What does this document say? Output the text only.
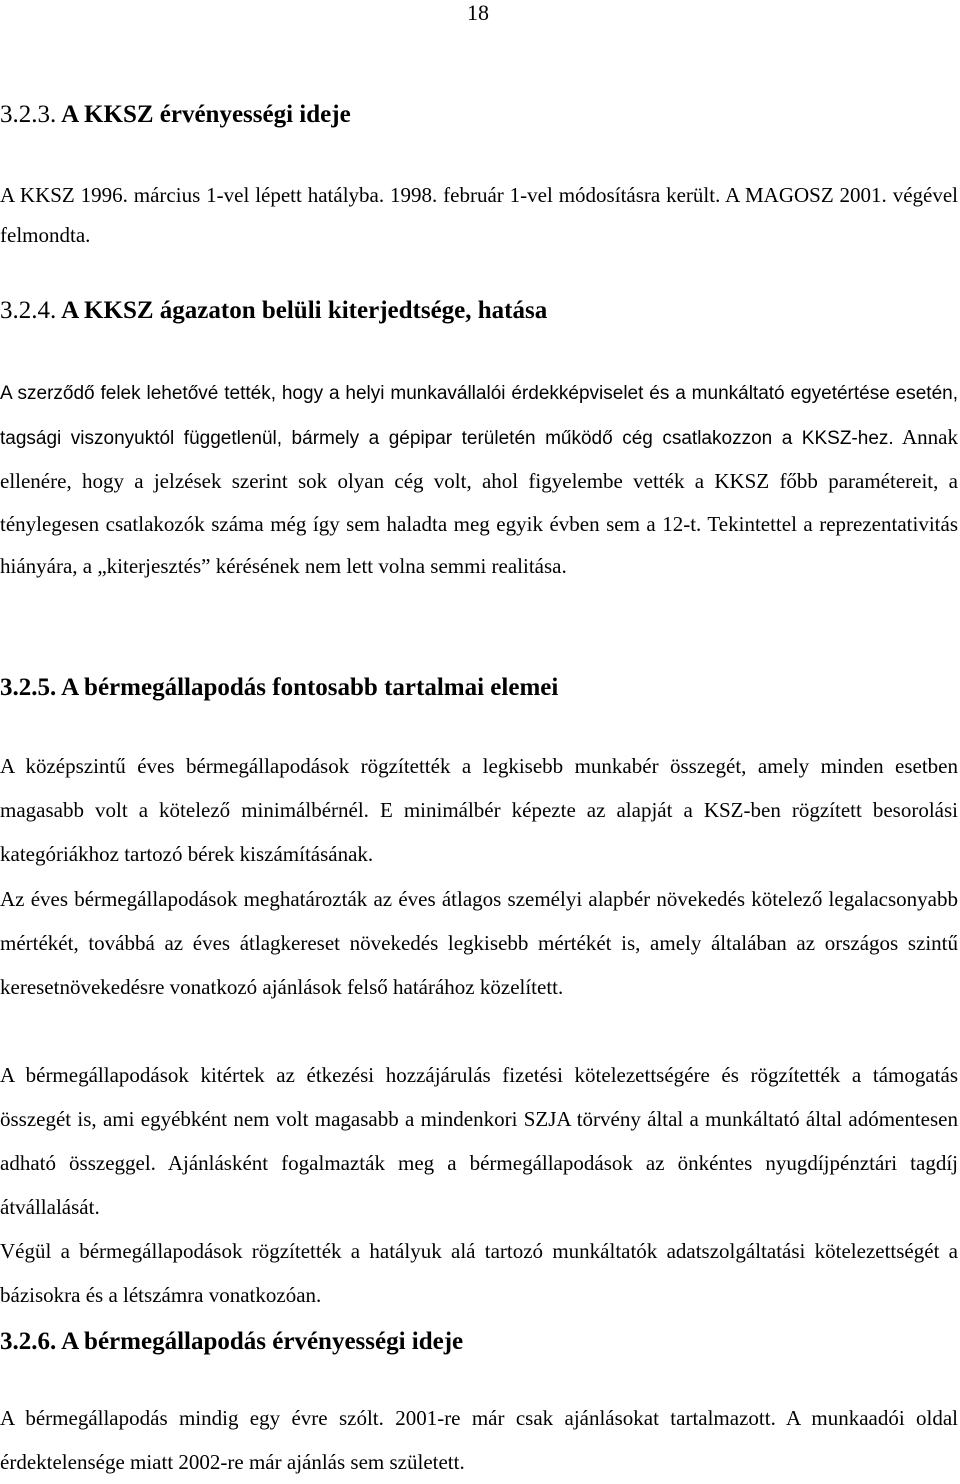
18
3.2.3. A KKSZ érvényességi ideje
A KKSZ 1996. március 1-vel lépett hatályba. 1998. február 1-vel módosításra került. A MAGOSZ 2001. végével felmondta.
3.2.4. A KKSZ ágazaton belüli kiterjedtsége, hatása
A szerződő felek lehetővé tették, hogy a helyi munkavállalói érdekképviselet és a munkáltató egyetértése esetén, tagsági viszonyuktól függetlenül, bármely a gépipar területén működő cég csatlakozzon a KKSZ-hez. Annak ellenére, hogy a jelzések szerint sok olyan cég volt, ahol figyelembe vették a KKSZ főbb paramétereit, a ténylegesen csatlakozók száma még így sem haladta meg egyik évben sem a 12-t. Tekintettel a reprezentativitás hiányára, a „kiterjesztés” kérésének nem lett volna semmi realitása.
3.2.5. A bérmegállapodás fontosabb tartalmai elemei
A középszintű éves bérmegállapodások rögzítették a legkisebb munkabér összegét, amely minden esetben magasabb volt a kötelező minimálbérnél. E minimálbér képezte az alapját a KSZ-ben rögzített besorolási kategóriákhoz tartozó bérek kiszámításának.
Az éves bérmegállapodások meghatározták az éves átlagos személyi alapbér növekedés kötelező legalacsonyabb mértékét, továbbá az éves átlagkereset növekedés legkisebb mértékét is, amely általában az országos szintű keresetnövekedésre vonatkozó ajánlások felső határához közelített.
A bérmegállapodások kitértek az étkezési hozzájárulás fizetési kötelezettségére és rögzítették a támogatás összegét is, ami egyébként nem volt magasabb a mindenkori SZJA törvény által a munkáltató által adómentesen adható összeggel. Ajánlásként fogalmazták meg a bérmegállapodások az önkéntes nyugdíjpénztári tagdíj átvállalását.
Végül a bérmegállapodások rögzítették a hatályuk alá tartozó munkáltatók adatszolgáltatási kötelezettségét a bázisokra és a létszámra vonatkozóan.
3.2.6. A bérmegállapodás érvényességi ideje
A bérmegállapodás mindig egy évre szólt. 2001-re már csak ajánlásokat tartalmazott. A munkaadói oldal érdektelensége miatt 2002-re már ajánlás sem született.
